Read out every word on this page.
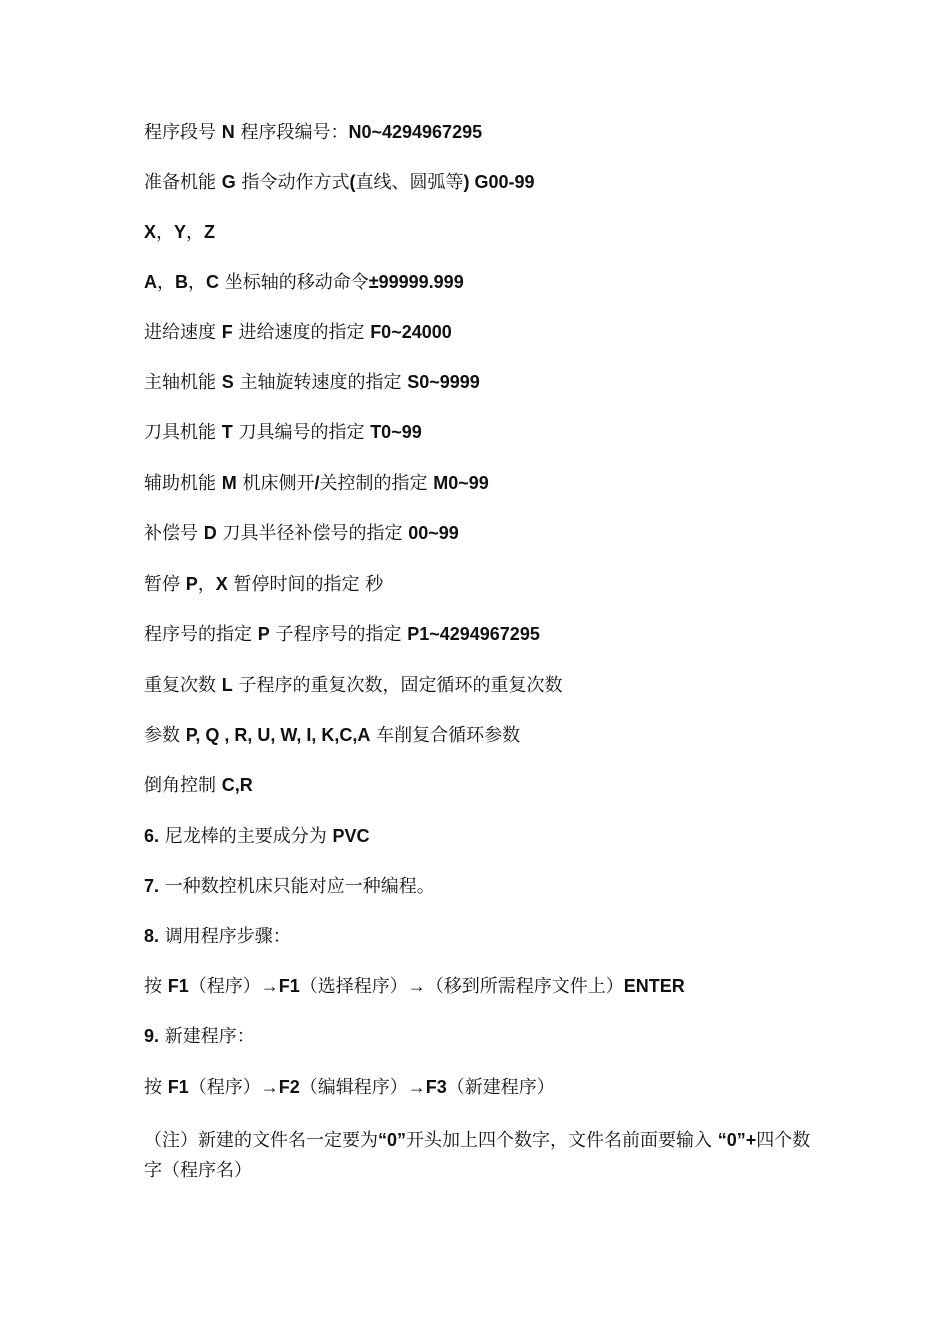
程序段号 N 程序段编号：N0~4294967295
准备机能 G 指令动作方式(直线、圆弧等) G00-99
X，Y，Z
A，B，C 坐标轴的移动命令±99999.999
进给速度 F 进给速度的指定 F0~24000
主轴机能 S 主轴旋转速度的指定 S0~9999
刀具机能 T 刀具编号的指定 T0~99
辅助机能 M 机床侧开/关控制的指定 M0~99
补偿号 D 刀具半径补偿号的指定 00~99
暂停 P，X 暂停时间的指定 秒
程序号的指定 P 子程序号的指定 P1~4294967295
重复次数 L 子程序的重复次数，固定循环的重复次数
参数 P, Q , R, U, W, I, K,C,A 车削复合循环参数
倒角控制 C,R
6. 尼龙棒的主要成分为 PVC
7. 一种数控机床只能对应一种编程。
8. 调用程序步骤：
按 F1（程序）→F1（选择程序）→（移到所需程序文件上）ENTER
9. 新建程序：
按 F1（程序）→F2（编辑程序）→F3（新建程序）
（注）新建的文件名一定要为“0”开头加上四个数字，文件名前面要输入 “0”+四个数字（程序名）
